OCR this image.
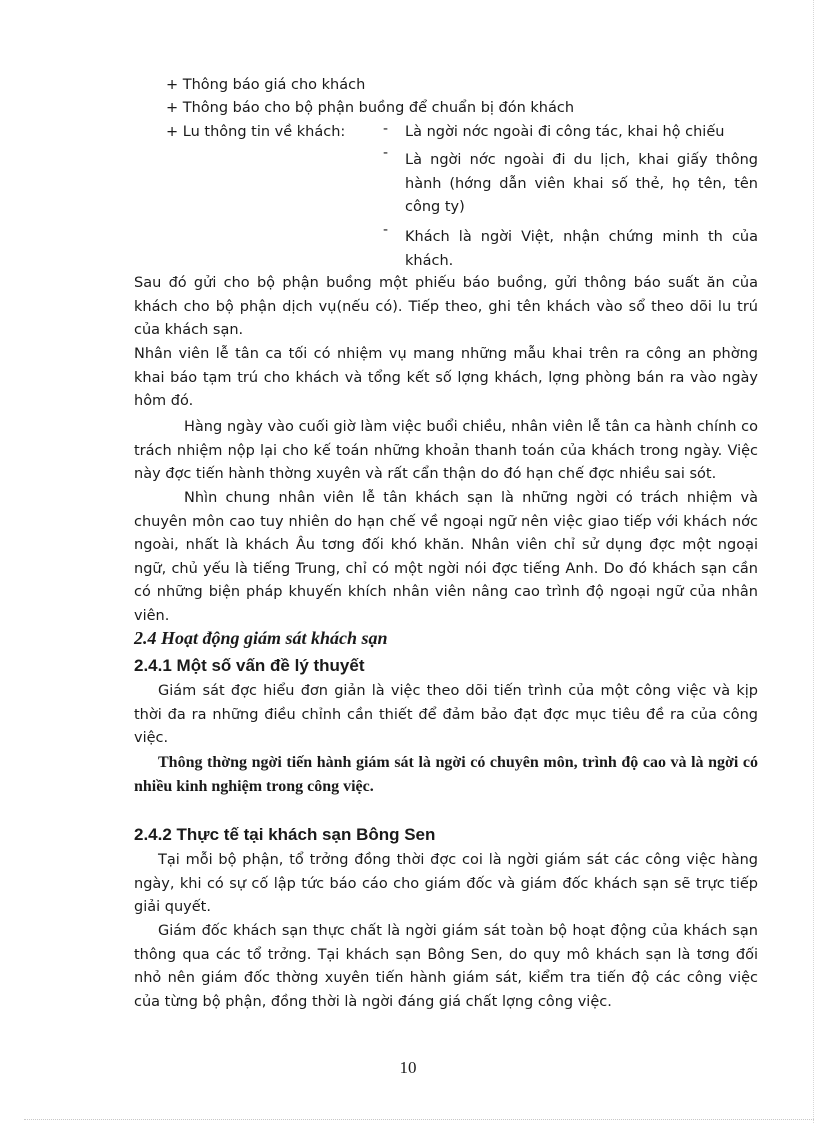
+ Thông báo giá cho khách
+ Thông báo cho bộ phận buồng để chuẩn bị đón khách
+ Lu thông tin về khách:	- Là ngời nớc ngoài đi công tác, khai hộ chiếu
- Là ngời nớc ngoài đi du lịch, khai giấy thông hành (hớng dẫn viên khai số thẻ, họ tên, tên công ty)
- Khách là ngời Việt, nhận chứng minh th của khách.

Sau đó gửi cho bộ phận buồng một phiếu báo buồng, gửi thông báo suất ăn của khách cho bộ phận dịch vụ(nếu có). Tiếp theo, ghi tên khách vào sổ theo dõi lu trú của khách sạn.

Nhân viên lễ tân ca tối có nhiệm vụ mang những mẫu khai trên ra công an phờng khai báo tạm trú cho khách và tổng kết số lợng khách, lợng phòng bán ra vào ngày hôm đó.

Hàng ngày vào cuối giờ làm việc buổi chiều, nhân viên lễ tân ca hành chính co trách nhiệm nộp lại cho kế toán những khoản thanh toán của khách trong ngày. Việc này đợc tiến hành thờng xuyên và rất cẩn thận do đó hạn chế đợc nhiều sai sót.

Nhìn chung nhân viên lễ tân khách sạn là những ngời có trách nhiệm và chuyên môn cao tuy nhiên do hạn chế về ngoại ngữ nên việc giao tiếp với khách nớc ngoài, nhất là khách Âu tơng đối khó khăn. Nhân viên chỉ sử dụng đợc một ngoại ngữ, chủ yếu là tiếng Trung, chỉ có một ngời nói đợc tiếng Anh. Do đó khách sạn cần có những biện pháp khuyến khích nhân viên nâng cao trình độ ngoại ngữ của nhân viên.

2.4 Hoạt động giám sát khách sạn
2.4.1 Một số vấn đề lý thuyết

Giám sát đợc hiểu đơn giản là việc theo dõi tiến trình của một công việc và kịp thời đa ra những điều chỉnh cần thiết để đảm bảo đạt đợc mục tiêu đề ra của công việc.

Thông thờng ngời tiến hành giám sát là ngời có chuyên môn, trình độ cao và là ngời có nhiều kinh nghiệm trong công việc.

2.4.2 Thực tế tại khách sạn Bông Sen

Tại mỗi bộ phận, tổ trởng đồng thời đợc coi là ngời giám sát các công việc hàng ngày, khi có sự cố lập tức báo cáo cho giám đốc và giám đốc khách sạn sẽ trực tiếp giải quyết.

Giám đốc khách sạn thực chất là ngời giám sát toàn bộ hoạt động của khách sạn thông qua các tổ trởng. Tại khách sạn Bông Sen, do quy mô khách sạn là tơng đối nhỏ nên giám đốc thờng xuyên tiến hành giám sát, kiểm tra tiến độ các công việc của từng bộ phận, đồng thời là ngời đáng giá chất lợng công việc.

10
